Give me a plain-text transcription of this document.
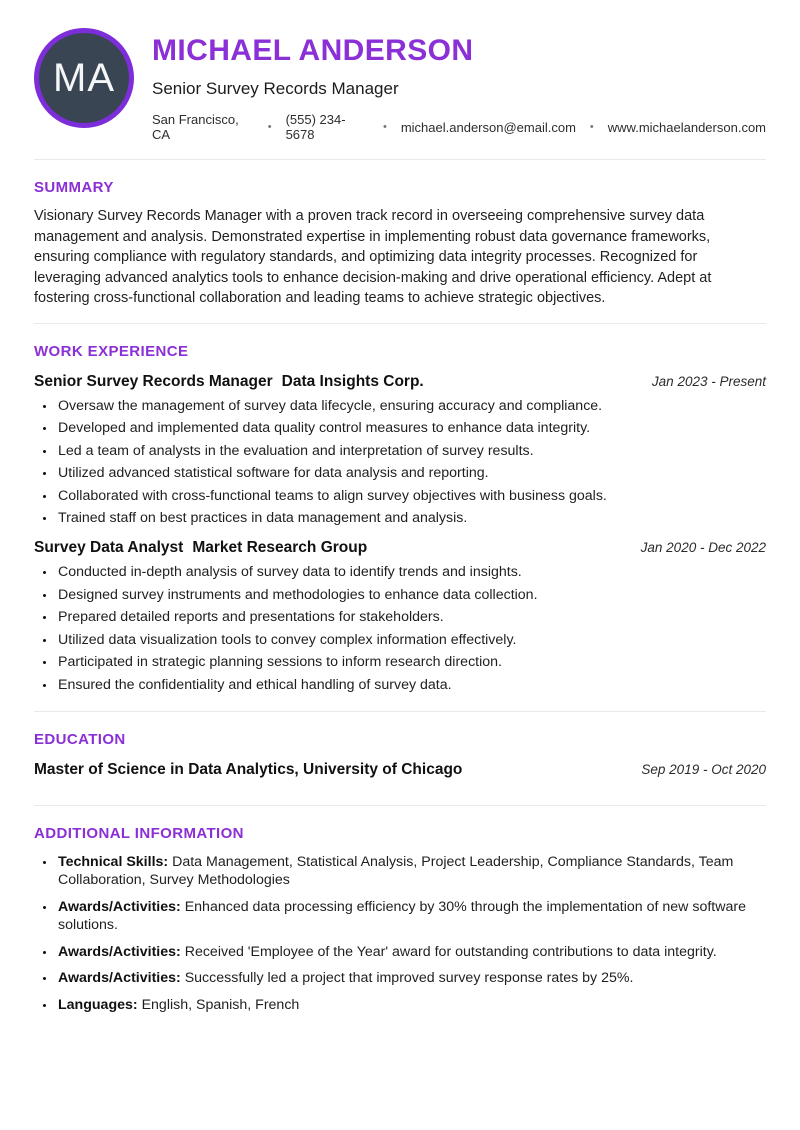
MA
MICHAEL ANDERSON
Senior Survey Records Manager
San Francisco, CA	• (555) 234-5678	• michael.anderson@email.com • www.michaelanderson.com
SUMMARY

Visionary Survey Records Manager with a proven track record in overseeing comprehensive survey data management and analysis. Demonstrated expertise in implementing robust data governance frameworks, ensuring compliance with regulatory standards, and optimizing data integrity processes. Recognized for leveraging advanced analytics tools to enhance decision-making and drive operational efficiency. Adept at fostering cross-functional collaboration and leading teams to achieve strategic objectives.

WORK EXPERIENCE
Senior Survey Records Manager Data Insights Corp.	Jan 2023 - Present
• Oversaw the management of survey data lifecycle, ensuring accuracy and compliance.
• Developed and implemented data quality control measures to enhance data integrity.
• Led a team of analysts in the evaluation and interpretation of survey results.
• Utilized advanced statistical software for data analysis and reporting.
• Collaborated with cross-functional teams to align survey objectives with business goals.
• Trained staff on best practices in data management and analysis.
Survey Data Analyst Market Research Group	Jan 2020 - Dec 2022
• Conducted in-depth analysis of survey data to identify trends and insights.
• Designed survey instruments and methodologies to enhance data collection.
• Prepared detailed reports and presentations for stakeholders.
• Utilized data visualization tools to convey complex information effectively.
• Participated in strategic planning sessions to inform research direction.
• Ensured the confidentiality and ethical handling of survey data.
EDUCATION
Master of Science in Data Analytics, University of Chicago	Sep 2019 - Oct 2020
ADDITIONAL INFORMATION
• Technical Skills: Data Management, Statistical Analysis, Project Leadership, Compliance Standards, Team Collaboration, Survey Methodologies
• Awards/Activities: Enhanced data processing efficiency by 30% through the implementation of new software solutions.
• Awards/Activities: Received 'Employee of the Year' award for outstanding contributions to data integrity.
• Awards/Activities: Successfully led a project that improved survey response rates by 25%.
• Languages: English, Spanish, French
